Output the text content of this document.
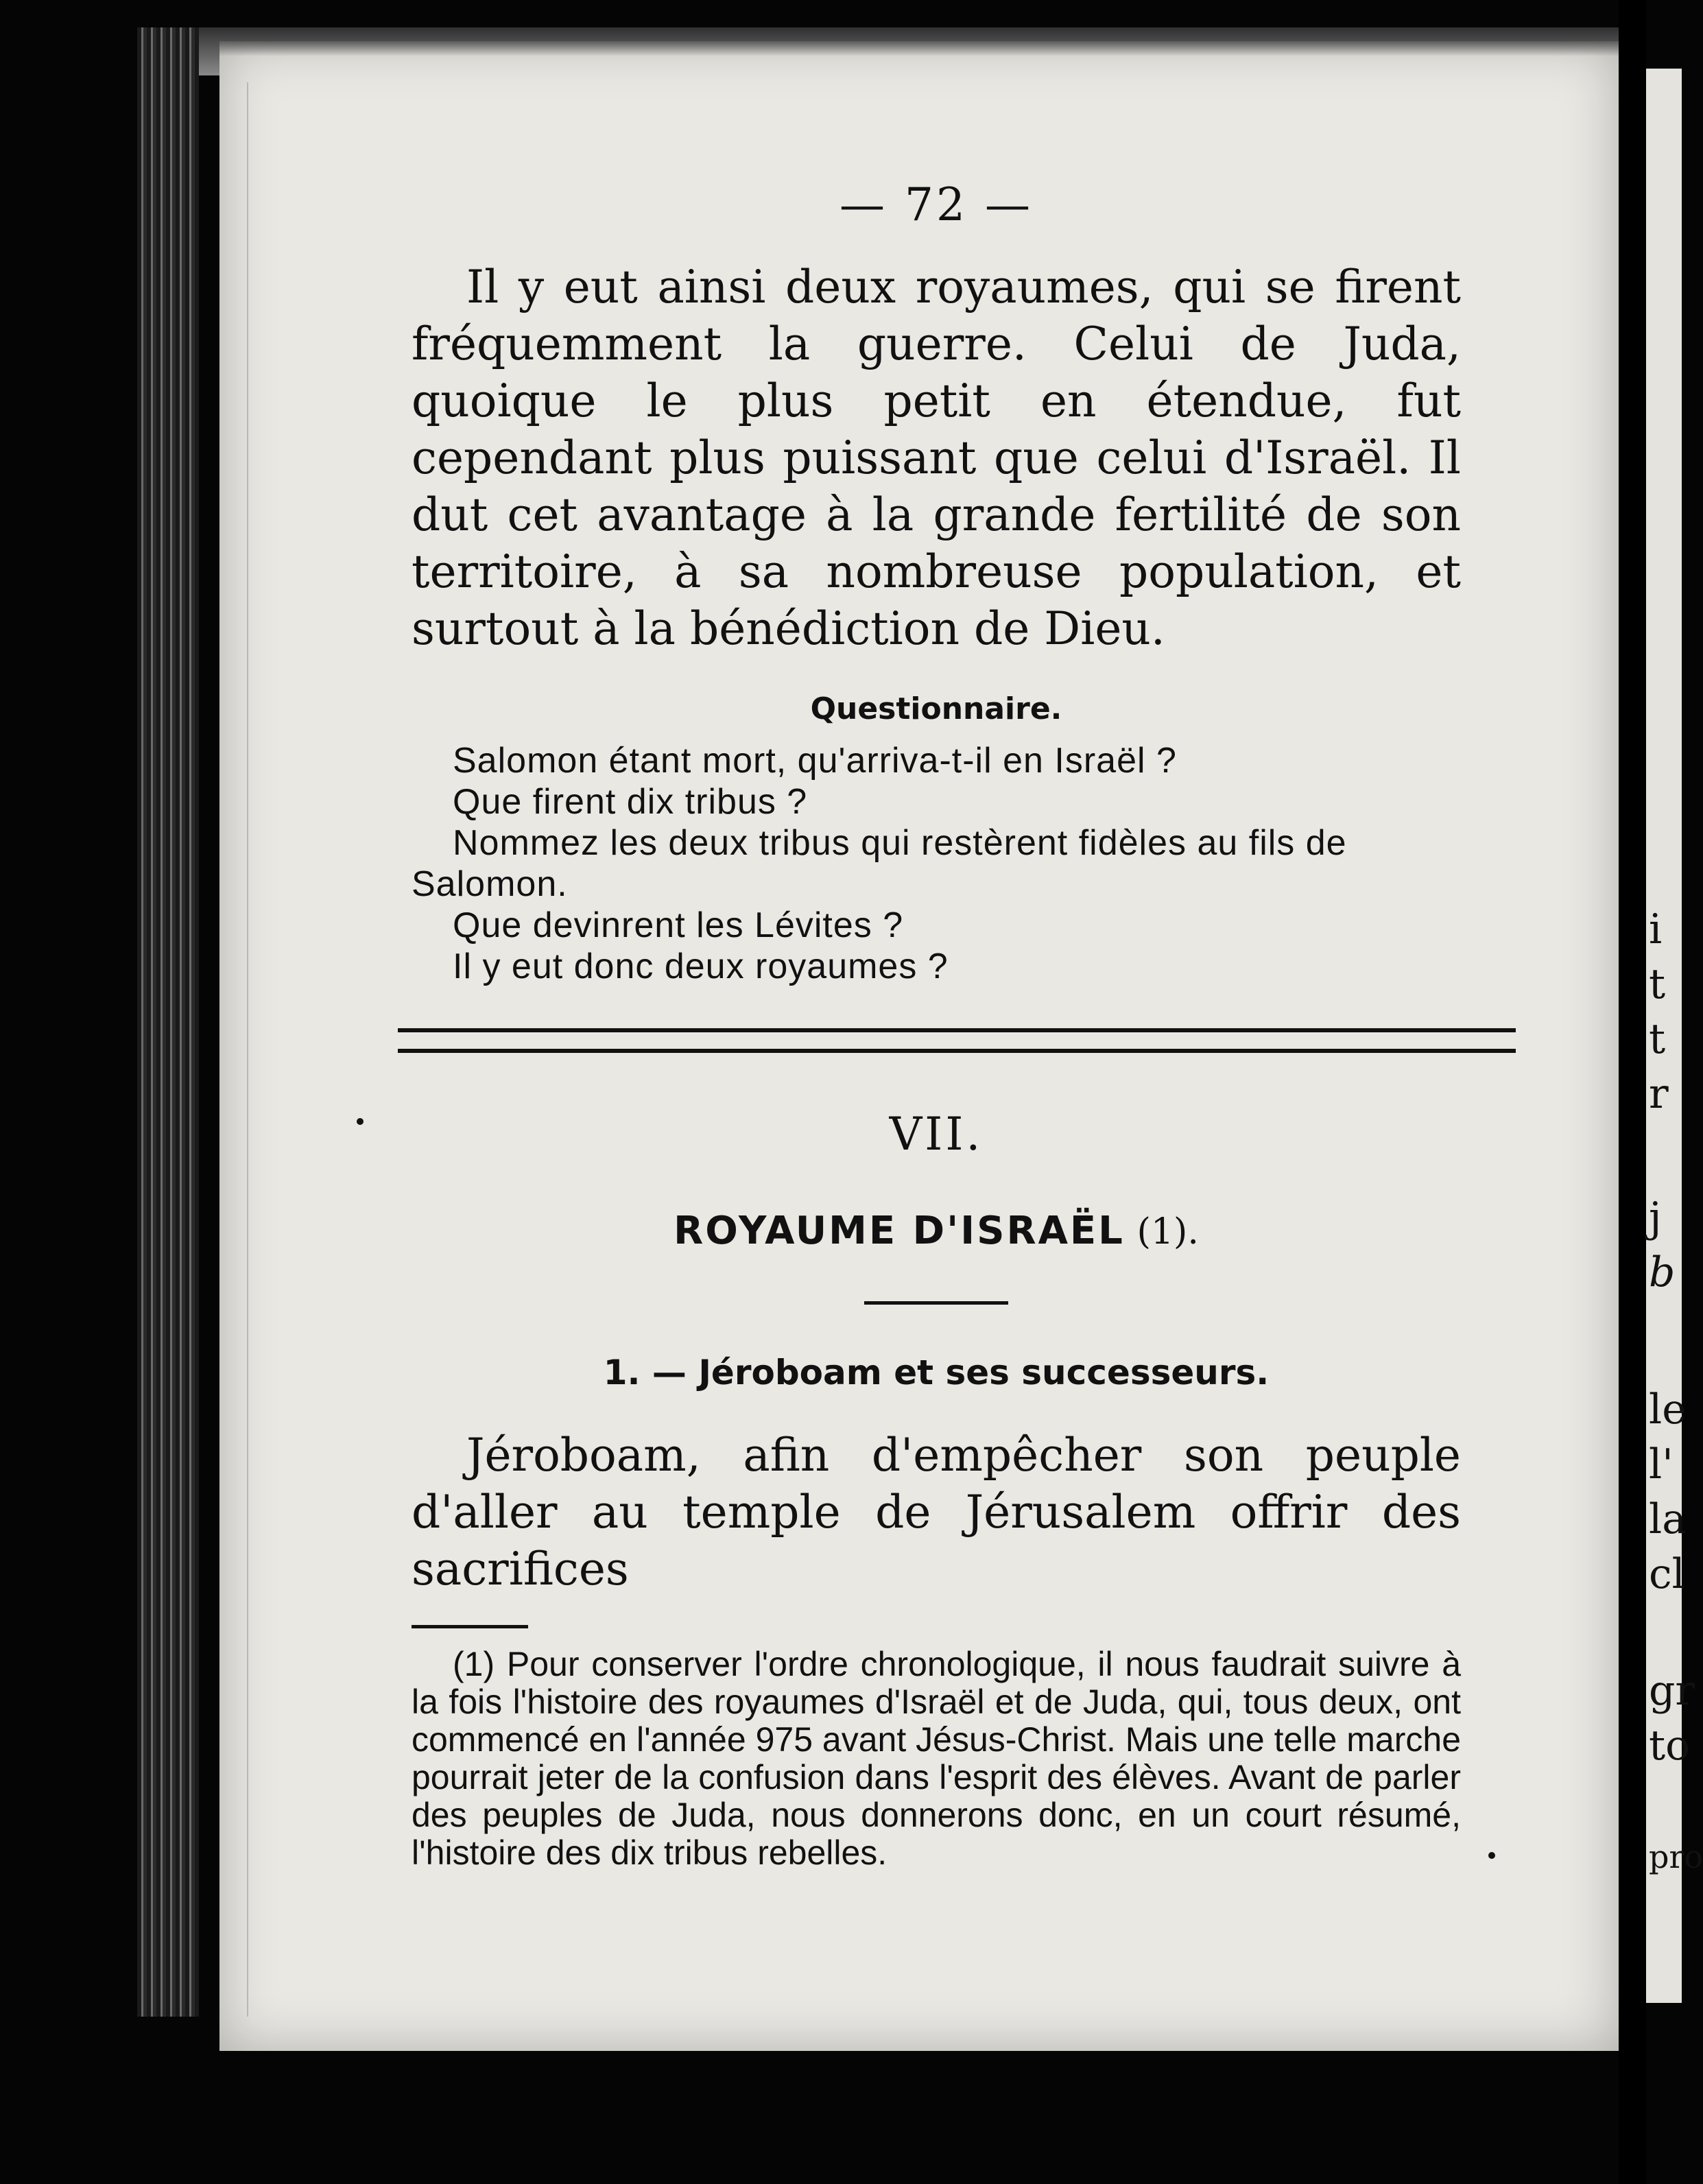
i
t
t
r
j
b
le
l'
la
cl
gr
to
pro
— 72 —

Il y eut ainsi deux royaumes, qui se firent fréquemment la guerre. Celui de Juda, quoique le plus petit en étendue, fut cependant plus puissant que celui d'Israël. Il dut cet avantage à la grande fertilité de son territoire, à sa nombreuse population, et surtout à la bénédiction de Dieu.

Questionnaire.
Salomon étant mort, qu'arriva-t-il en Israël ?
Que firent dix tribus ?
Nommez les deux tribus qui restèrent fidèles au fils de Salomon.
Que devinrent les Lévites ?
Il y eut donc deux royaumes ?
VII.
ROYAUME D'ISRAËL (1).
1. — Jéroboam et ses successeurs.

Jéroboam, afin d'empêcher son peuple d'aller au temple de Jérusalem offrir des sacrifices

(1) Pour conserver l'ordre chronologique, il nous faudrait suivre à la fois l'histoire des royaumes d'Israël et de Juda, qui, tous deux, ont commencé en l'année 975 avant Jésus-Christ. Mais une telle marche pourrait jeter de la confusion dans l'esprit des élèves. Avant de parler des peuples de Juda, nous donnerons donc, en un court résumé, l'histoire des dix tribus rebelles.
